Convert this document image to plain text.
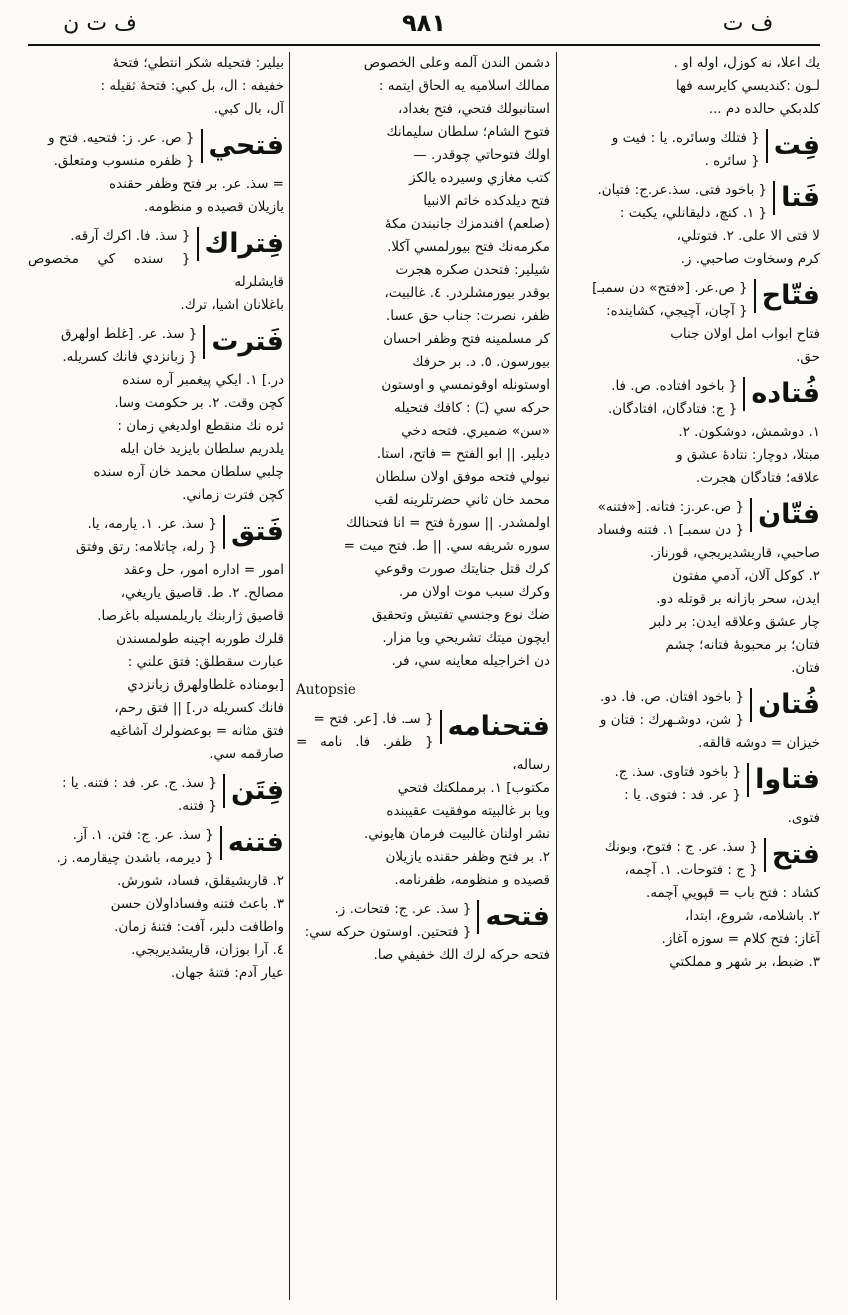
ف ت
٩٨١
ف ت ن
يك اعلا، نه كوزل، اوله او .
لـون :كنديسي كايرسه فها
كلدبكي حالده دم ...
فِت
{ فتلك وسائره. يا : فيت و
{ سائره .
فَتا
{ باخود فتى. سذ.عر.ج: فتيان.
{ ١. كنچ، دليقانلي، يكيت :
لا فتى الا على. ٢. فتوتلي،
كرم وسخاوت صاحبي. ز.
فتّاح
{ ص.عر. [«فتح» دن سمبـ]
{ آچان، آچيجي، كشاينده:
فتاح ابواب امل اولان جناب
حق.
فُتاده
{ باخود افتاده. ص. فا.
{ ج: فتادگان، افتادگان.
١. دوشمش، دوشكون. ٢.
مبتلا، دوچار: نتادهٔ عشق و
علاقه؛ فتادگان هجرت.
فتّان
{ ص.عر.ز: فتانه. [«فتنه»
{ دن سمبـ] ١. فتنه وفساد
صاحبي، قاريشديريجي، قورناز.
٢. كوكل آلان، آدمي مفتون
ايدن، سحر بازانه بر قوتله دو.
چار عشق وعلاقه ايدن: بر دلبر
فتان؛ بر محبوبهٔ فتانه؛ چشم
فتان.
فُتان
{ باخود افتان. ص. فا. دو.
{ شن، دوشـهرك : فتان و
خيزان = دوشه قالقه.
فتاوا
{ باخود فتاوى. سذ. ج.
{ عر. فد : فتوى. يا :
فتوى.
فتح
{ سذ. عر. ج : فتوح، وبونك
{ ج : فتوحات. ١. آچمه،
كشاد : فتح باب = قپويي آچمه.
٢. باشلامه، شروع، ابتدا،
آغاز: فتح كلام = سوزه آغاز.
٣. ضبط، بر شهر و مملكتي
دشمن الندن آلمه وعلى الخصوص
ممالك اسلاميه يه الحاق ايتمه :
استانبولك فتحي، فتح بغداد،
فتوح الشام؛ سلطان سليمانك
اولك فتوحاتي چوقدر. —
كتب مغازي وسيرده يالكز
فتح ديلدكده خاتم الانبيا
(صلعم) افندمزك جانبندن مكهٔ
مكرمه‌نك فتح بيورلمسي آكلا.
شيلير: فتحدن صكره هجرت
بوقدر بيورمشلردر. ٤. غالبيت،
ظفر، نصرت: جناب حق عسا.
كر مسلمينه فتح وظفر احسان
بيورسون. ٥. د. بر حرفك
اوستونله اوقونمسي و اوستون
حركه سي (ـَ) : كافك فتحيله
«سن» ضميري. فتحه دخي
ديلير. || ابو الفتح = فاتح، استا.
نبولي فتحه موفق اولان سلطان
محمد خان ثاني حضرتلرينه لقب
اولمشدر. || سورهٔ فتح = انا فتحنالك
سوره شريفه سي. || ط. فتح ميت =
كرك قتل جنايتك صورت وقوعي
وكرك سبب موت اولان مر.
ضك نوع وجنسي تفتيش وتحقيق
ايچون ميتك تشريحي ويا مزار.
دن اخراجيله معاينه سي، فر.
Autopsie
فتحنامه
{ سـ. فا. [عر. فتح =
{ ظفر. فا. نامه = رساله،
مكتوب] ١. برمملكتك فتحي
ويا بر غالبيته موفقيت عقيبنده
نشر اولنان غالبيت فرمان هايوني.
٢. بر فتح وظفر حقنده يازيلان
قصيده و منظومه، ظفرنامه.
فتحه
{ سذ. عر. ج: فتحات. ز.
{ فتحتين. اوستون حركه سي:
فتحه حركه لرك الك خفيفي صا.
بيلير: فتحيله شكر انتطي؛ فتحهٔ
خفيفه : ال، بل كبي: فتحهٔ ثقيله :
آل، بال كبي.
فتحي
{ ص. عر. ز: فتحيه. فتح و
{ ظفره منسوب ومتعلق.
= سذ. عر. بر فتح وظفر حقنده
يازيلان قصيده و منظومه.
فِتراك
{ سذ. فا. اكرك آرقه.
{ سنده كي مخصوص قايشلرله
باغلانان اشيا، ترك.
فَترت
{ سذ. عر. [غلط اولهرق
{ زبانزدي فانك كسريله.
در.] ١. ايكي پيغمبر آره سنده
كچن وقت. ٢. بر حكومت وسا.
ئره نك منقطع اولديغي زمان :
يلدريم سلطان بايزيد خان ايله
چلبي سلطان محمد خان آره سنده
كچن فترت زماني.
فَتق
{ سذ. عر. ١. يارمه، يا.
{ رله، چاتلامه: رتق وفتق
امور = اداره امور، حل وعقد
مصالح. ٢. ط. قاصيق ياريغي،
قاصيق ژاربنك ياريلمسيله باغرصا.
قلرك طوربه اچينه طولمسندن
عبارت سقطلق: فتق علني :
[بومناده غلطاولهرق زبانزدي
فانك كسريله در.] || فتق رحم،
فتق مثانه = بوعضولرك آشاغيه
صارقمه سي.
فِتَن
{ سذ. ج. عر. فد : فتنه. يا :
{ فتنه.
فتنه
{ سذ. عر. ج: فتن. ١. آز.
{ ديرمه، باشدن چيقارمه. ز.
٢. قاريشيقلق، فساد، شورش.
٣. باعث فتنه وفساداولان حسن
واطافت دلبر، آفت: فتنهٔ زمان.
٤. آرا بوزان، قاريشديريجي.
عيار آدم: فتنهٔ جهان.
